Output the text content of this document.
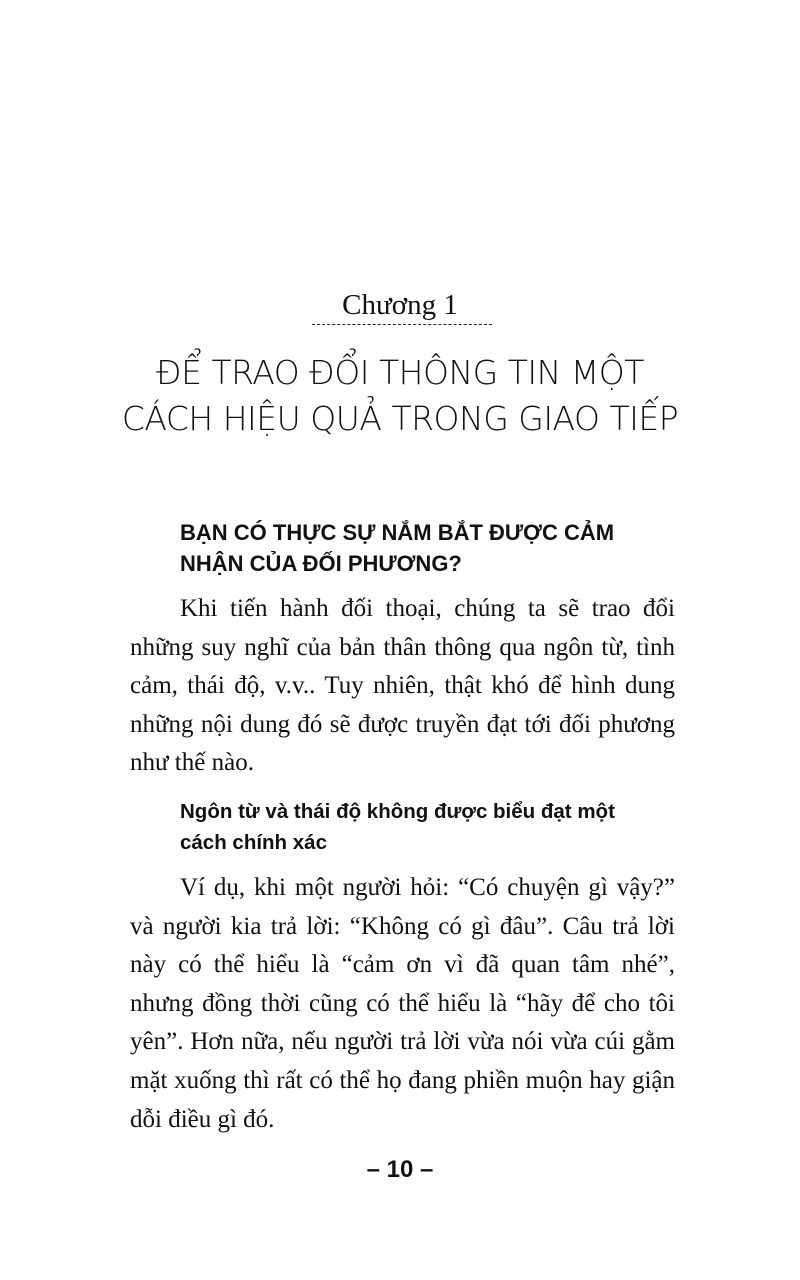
Chương 1
ĐỂ TRAO ĐỔI THÔNG TIN MỘT
CÁCH HIỆU QUẢ TRONG GIAO TIẾP
BẠN CÓ THỰC SỰ NẮM BẮT ĐƯỢC CẢM
NHẬN CỦA ĐỐI PHƯƠNG?

Khi tiến hành đối thoại, chúng ta sẽ trao đổi những suy nghĩ của bản thân thông qua ngôn từ, tình cảm, thái độ, v.v.. Tuy nhiên, thật khó để hình dung những nội dung đó sẽ được truyền đạt tới đối phương như thế nào.

Ngôn từ và thái độ không được biểu đạt một
cách chính xác

Ví dụ, khi một người hỏi: “Có chuyện gì vậy?” và người kia trả lời: “Không có gì đâu”. Câu trả lời này có thể hiểu là “cảm ơn vì đã quan tâm nhé”, nhưng đồng thời cũng có thể hiểu là “hãy để cho tôi yên”. Hơn nữa, nếu người trả lời vừa nói vừa cúi gằm mặt xuống thì rất có thể họ đang phiền muộn hay giận dỗi điều gì đó.

– 10 –
